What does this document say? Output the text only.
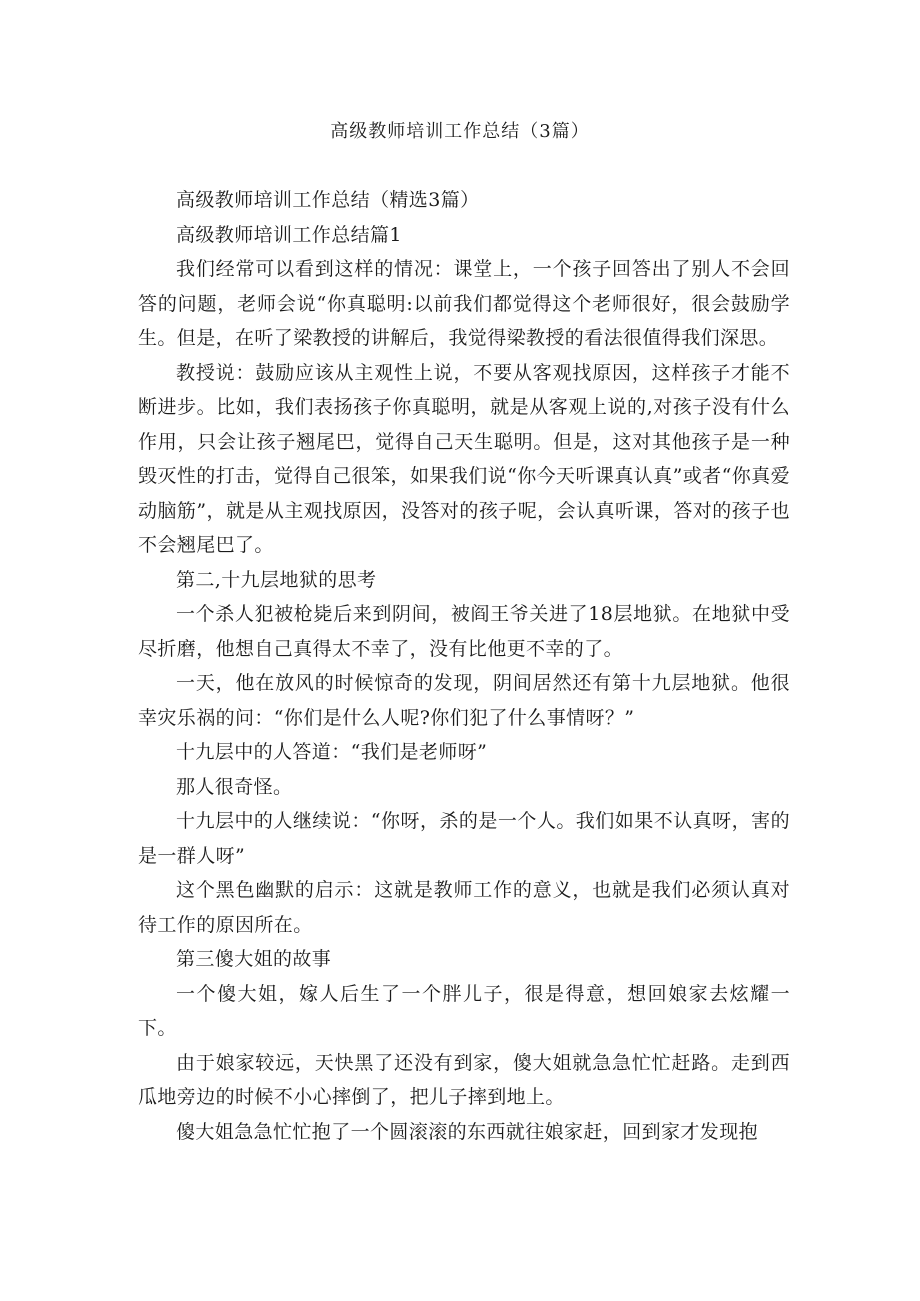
高级教师培训工作总结（3篇）

高级教师培训工作总结（精选3篇）

高级教师培训工作总结篇1

我们经常可以看到这样的情况：课堂上，一个孩子回答出了别人不会回答的问题，老师会说“你真聪明:以前我们都觉得这个老师很好，很会鼓励学生。但是，在听了梁教授的讲解后，我觉得梁教授的看法很值得我们深思。

教授说：鼓励应该从主观性上说，不要从客观找原因，这样孩子才能不断进步。比如，我们表扬孩子你真聪明，就是从客观上说的,对孩子没有什么作用，只会让孩子翘尾巴，觉得自己天生聪明。但是，这对其他孩子是一种毁灭性的打击，觉得自己很笨，如果我们说“你今天听课真认真”或者“你真爱动脑筋”，就是从主观找原因，没答对的孩子呢，会认真听课，答对的孩子也不会翘尾巴了。

第二,十九层地狱的思考

一个杀人犯被枪毙后来到阴间，被阎王爷关进了18层地狱。在地狱中受尽折磨，他想自己真得太不幸了，没有比他更不幸的了。

一天，他在放风的时候惊奇的发现，阴间居然还有第十九层地狱。他很幸灾乐祸的问：“你们是什么人呢?你们犯了什么事情呀？”

十九层中的人答道：“我们是老师呀”

那人很奇怪。

十九层中的人继续说：“你呀，杀的是一个人。我们如果不认真呀，害的是一群人呀”

这个黑色幽默的启示：这就是教师工作的意义，也就是我们必须认真对待工作的原因所在。

第三傻大姐的故事

一个傻大姐，嫁人后生了一个胖儿子，很是得意，想回娘家去炫耀一下。

由于娘家较远，天快黑了还没有到家，傻大姐就急急忙忙赶路。走到西瓜地旁边的时候不小心摔倒了，把儿子摔到地上。

傻大姐急急忙忙抱了一个圆滚滚的东西就往娘家赶，回到家才发现抱
